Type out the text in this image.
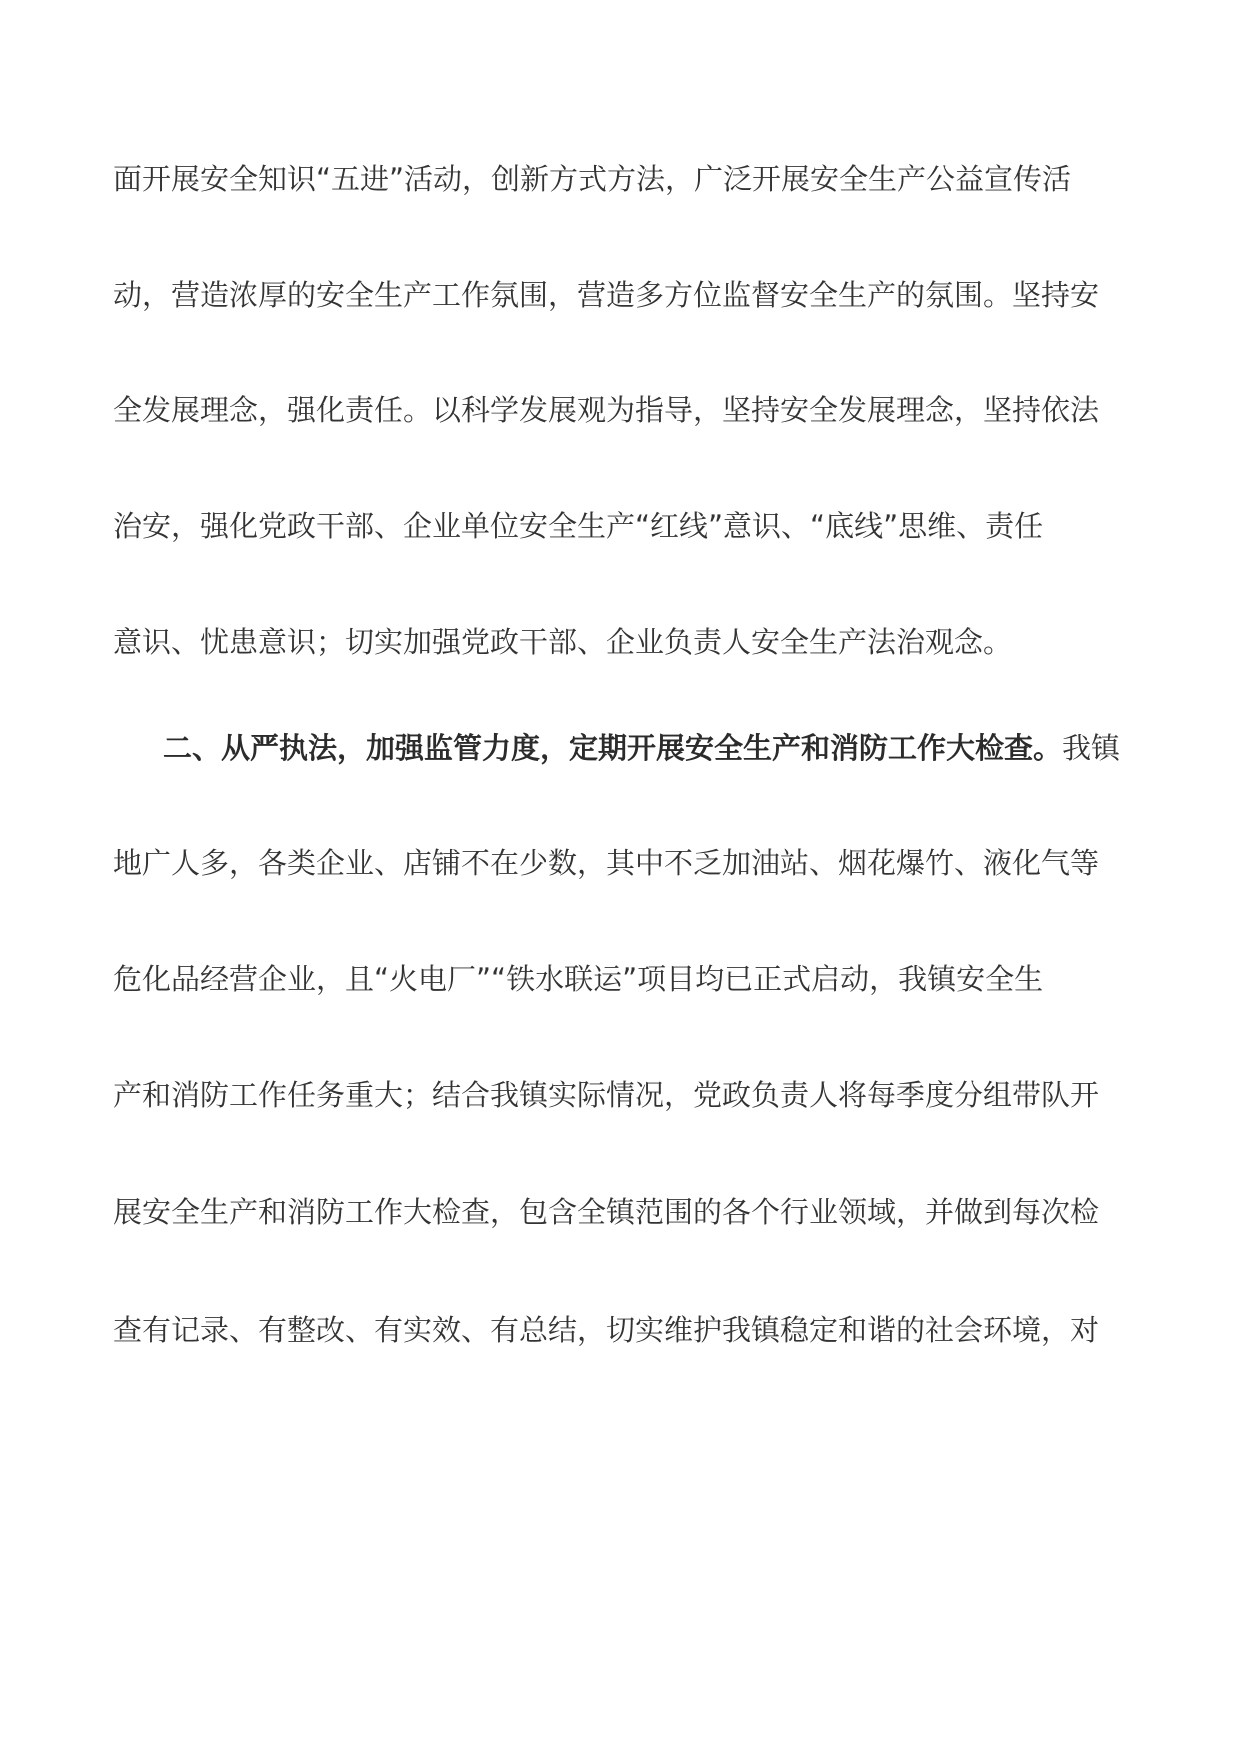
面开展安全知识“五进”活动，创新方式方法，广泛开展安全生产公益宣传活
动，营造浓厚的安全生产工作氛围，营造多方位监督安全生产的氛围。坚持安
全发展理念，强化责任。以科学发展观为指导，坚持安全发展理念，坚持依法
治安，强化党政干部、企业单位安全生产“红线”意识、“底线”思维、责任
意识、忧患意识；切实加强党政干部、企业负责人安全生产法治观念。
二、从严执法，加强监管力度，定期开展安全生产和消防工作大检查。我镇
地广人多，各类企业、店铺不在少数，其中不乏加油站、烟花爆竹、液化气等
危化品经营企业，且“火电厂”“铁水联运”项目均已正式启动，我镇安全生
产和消防工作任务重大；结合我镇实际情况，党政负责人将每季度分组带队开
展安全生产和消防工作大检查，包含全镇范围的各个行业领域，并做到每次检
查有记录、有整改、有实效、有总结，切实维护我镇稳定和谐的社会环境，对
